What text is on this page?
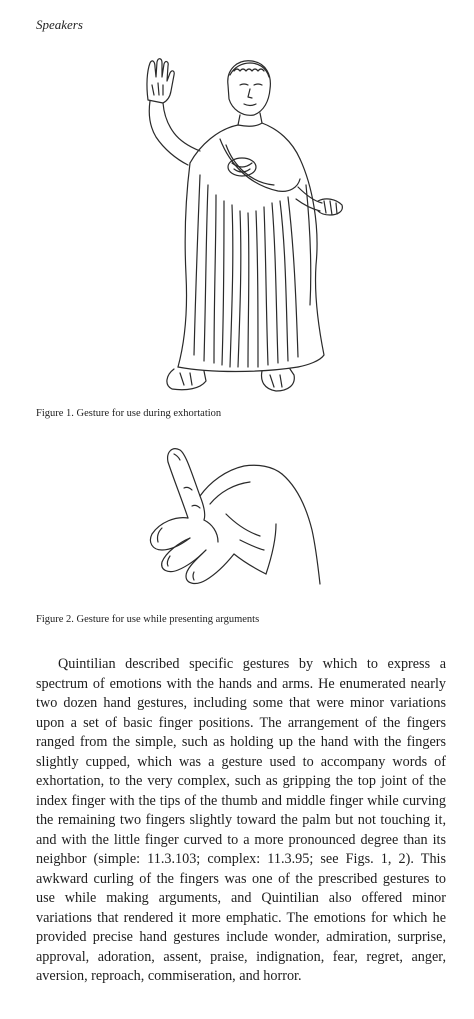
Speakers
Figure 1. Gesture for use during exhortation
Figure 2. Gesture for use while presenting arguments

Quintilian described specific gestures by which to express a spectrum of emotions with the hands and arms. He enumerated nearly two dozen hand gestures, including some that were minor variations upon a set of basic finger positions. The arrangement of the fingers ranged from the simple, such as holding up the hand with the fingers slightly cupped, which was a gesture used to accompany words of exhortation, to the very complex, such as gripping the top joint of the index finger with the tips of the thumb and middle finger while curving the remaining two fingers slightly toward the palm but not touching it, and with the little finger curved to a more pronounced degree than its neighbor (simple: 11.3.103; complex: 11.3.95; see Figs. 1, 2). This awkward curling of the fingers was one of the prescribed gestures to use while making arguments, and Quintilian also offered minor variations that rendered it more emphatic. The emotions for which he provided precise hand gestures include wonder, admiration, surprise, approval, adoration, assent, praise, indignation, fear, regret, anger, aversion, reproach, commiseration, and horror.
